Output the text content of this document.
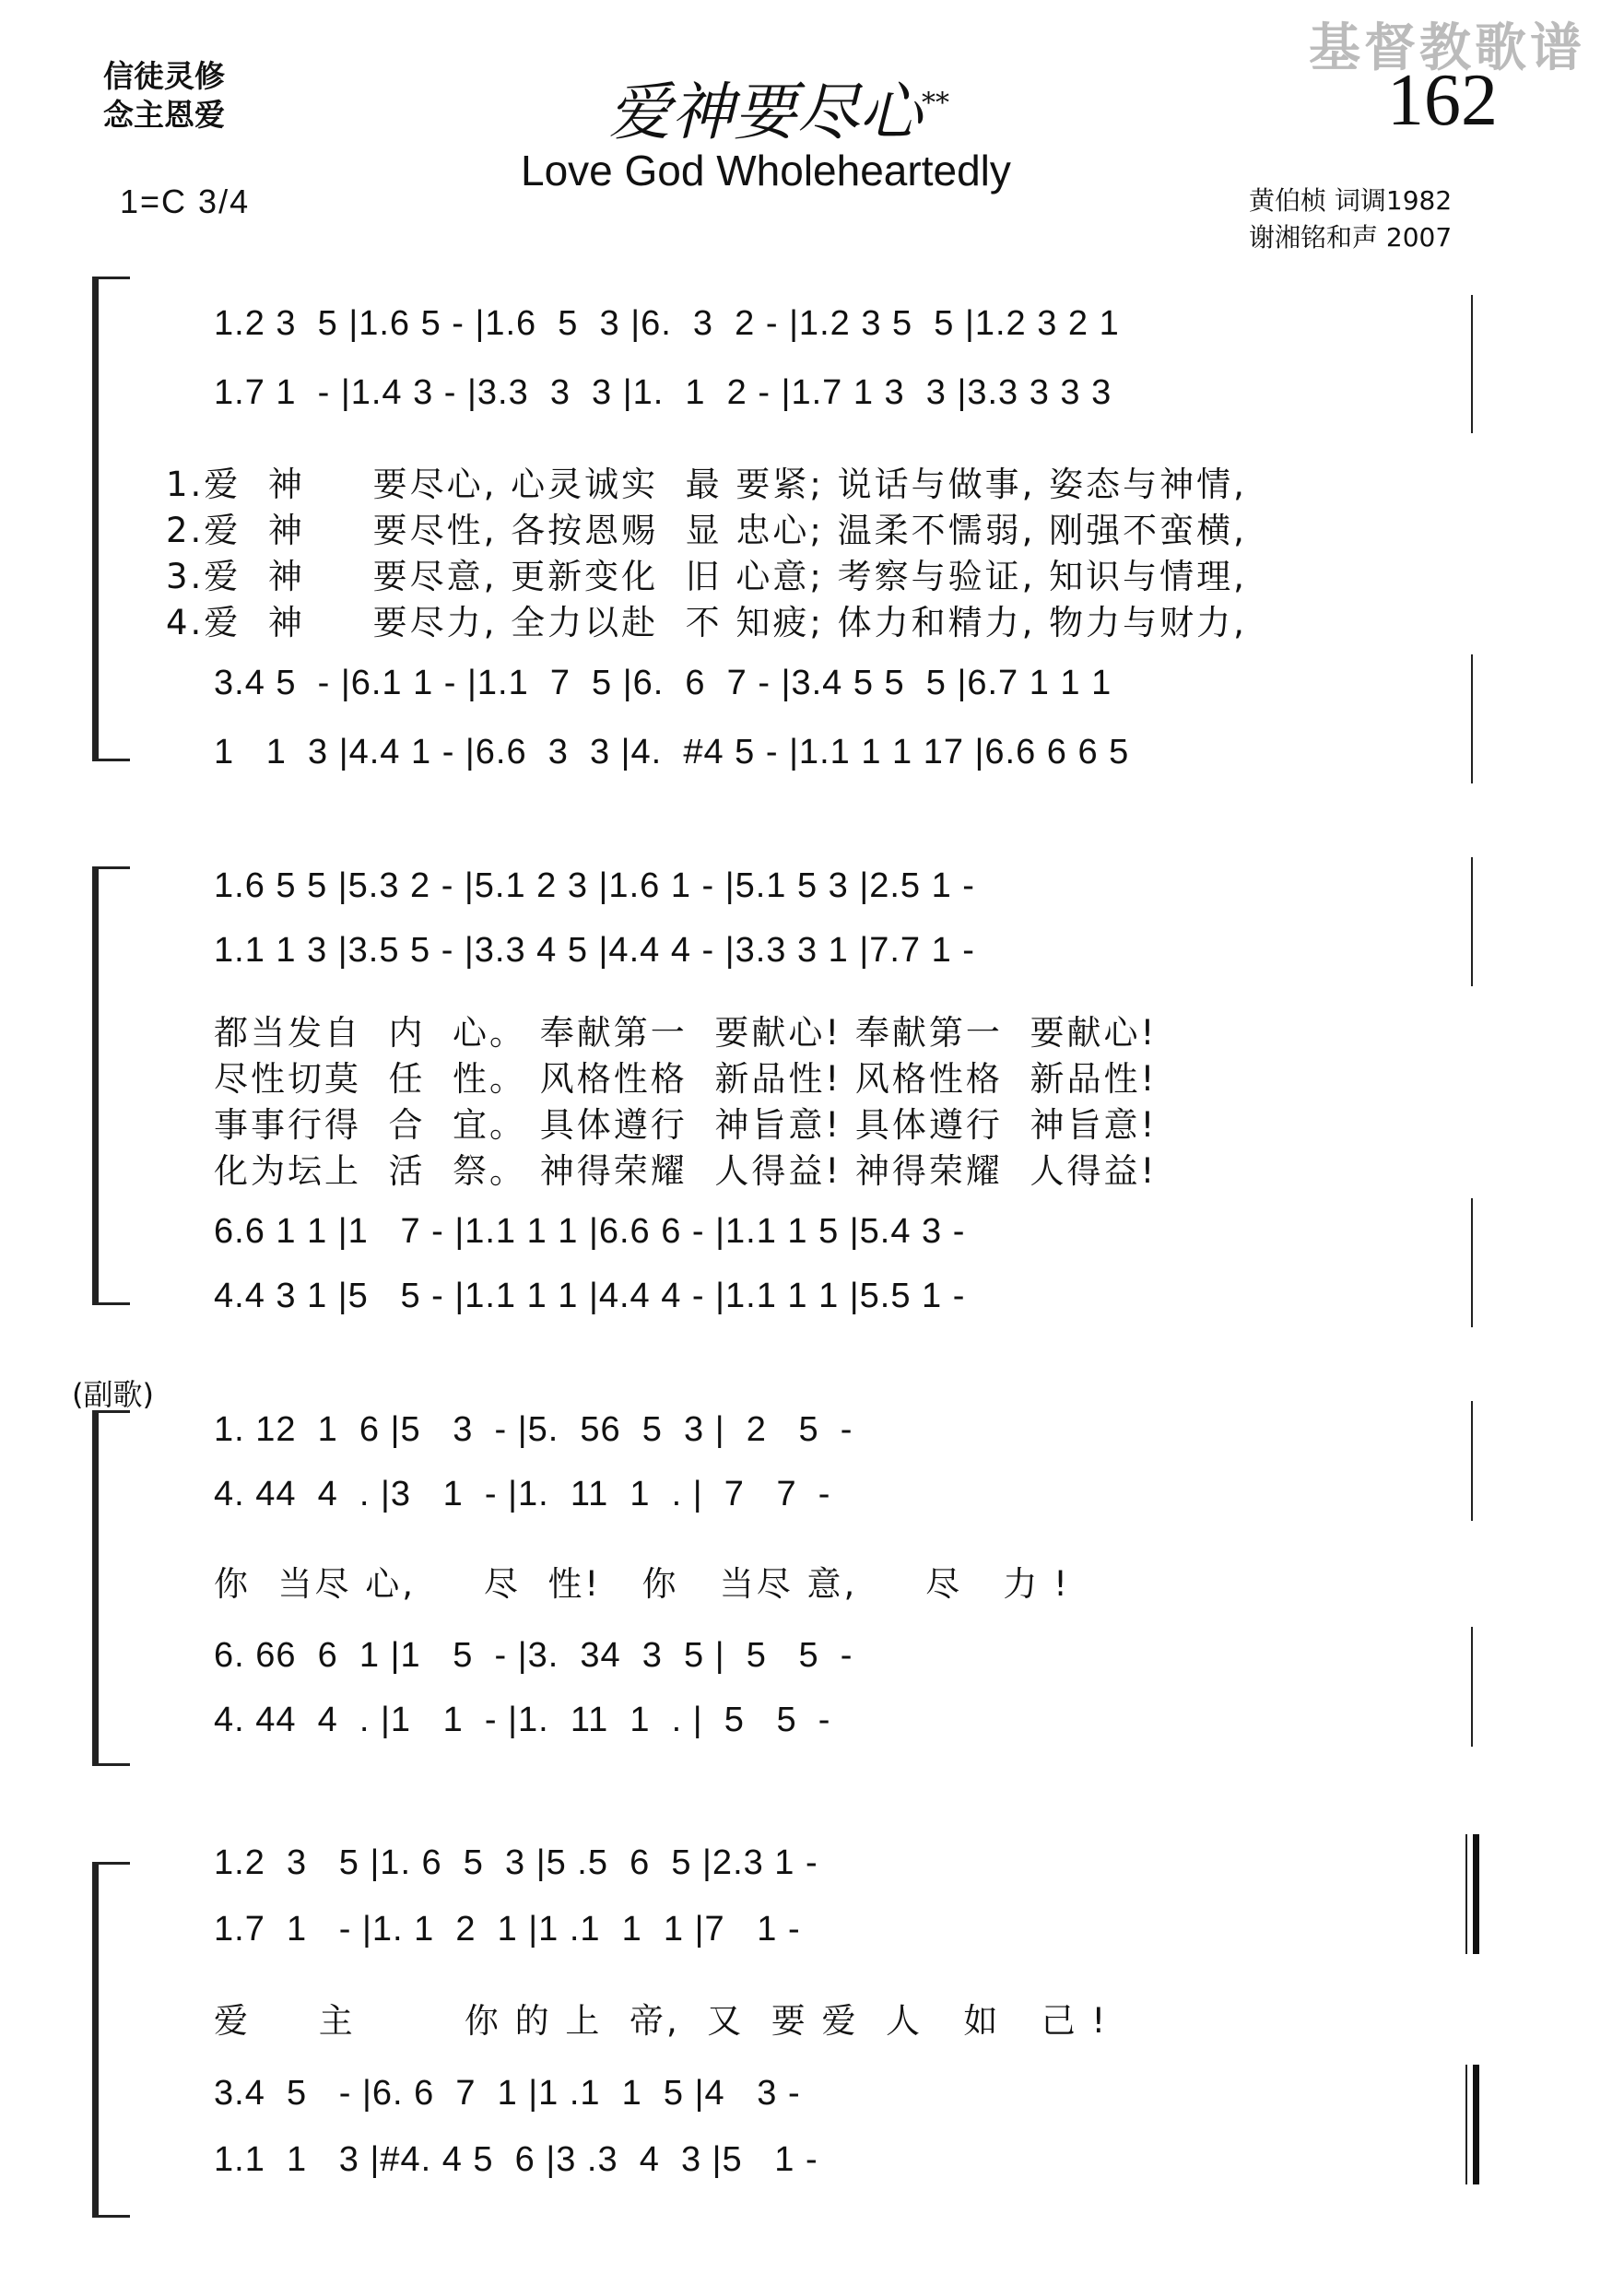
信徒灵修
念主恩爱	爱神要尽心**
Love God Wholeheartedly
162
基督教歌谱
1=C 3/4	黄伯桢 词调1982
谢湘铭和声 2007
1.2 3  5 |1.6 5 - |1.6  5  3 |6.  3  2 - |1.2 3 5  5 |1.2 3 2 1
1.7 1  - |1.4 3 - |3.3  3  3 |1.  1  2 - |1.7 1 3  3 |3.3 3 3 3
1.爱  神     要尽心, 心灵诚实  最 要紧; 说话与做事, 姿态与神情,
2.爱  神     要尽性, 各按恩赐  显 忠心; 温柔不懦弱, 刚强不蛮横,
3.爱  神     要尽意, 更新变化  旧 心意; 考察与验证, 知识与情理,
4.爱  神     要尽力, 全力以赴  不 知疲; 体力和精力, 物力与财力,
3.4 5  - |6.1 1 - |1.1  7  5 |6.  6  7 - |3.4 5 5  5 |6.7 1 1 1
1   1  3 |4.4 1 - |6.6  3  3 |4.  #4 5 - |1.1 1 1 17 |6.6 6 6 5
1.6 5 5 |5.3 2 - |5.1 2 3 |1.6 1 - |5.1 5 3 |2.5 1 -
1.1 1 3 |3.5 5 - |3.3 4 5 |4.4 4 - |3.3 3 1 |7.7 1 -
都当发自  内  心。 奉献第一  要献心! 奉献第一  要献心!
尽性切莫  任  性。 风格性格  新品性! 风格性格  新品性!
事事行得  合  宜。 具体遵行  神旨意! 具体遵行  神旨意!
化为坛上  活  祭。 神得荣耀  人得益! 神得荣耀  人得益!
6.6 1 1 |1   7 - |1.1 1 1 |6.6 6 - |1.1 1 5 |5.4 3 -
4.4 3 1 |5   5 - |1.1 1 1 |4.4 4 - |1.1 1 1 |5.5 1 -
(副歌)
1. 12  1  6 |5   3  - |5.  56  5  3 |  2   5  -
4. 44  4  . |3   1  - |1.  11  1  . |  7   7  -
你  当尽 心,     尽  性!   你   当尽 意,     尽   力 !
6. 66  6  1 |1   5  - |3.  34  3  5 |  5   5  -
4. 44  4  . |1   1  - |1.  11  1  . |  5   5  -
1.2  3   5 |1. 6  5  3 |5 .5  6  5 |2.3 1 -
1.7  1   - |1. 1  2  1 |1 .1  1  1 |7   1 -
爱     主        你 的 上  帝,  又  要 爱  人   如   己 !
3.4  5   - |6. 6  7  1 |1 .1  1  5 |4   3 -
1.1  1   3 |#4. 4 5  6 |3 .3  4  3 |5   1 -
